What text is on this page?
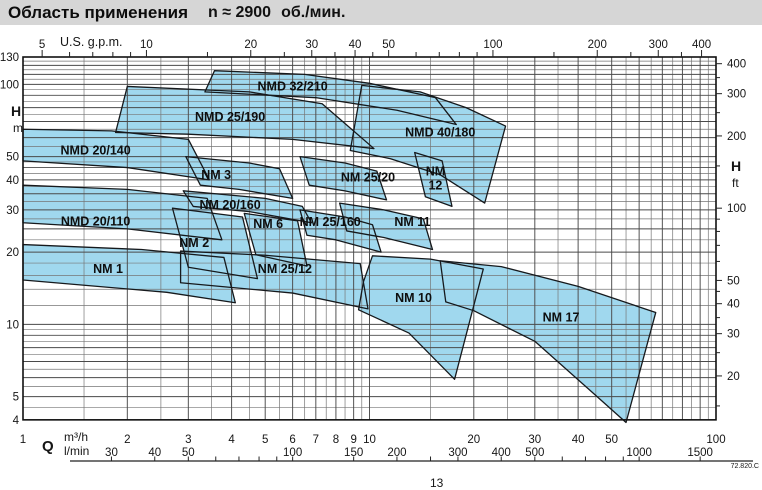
Область применения n ≈ 2900 об./мин.
5	10	20	30	40 50	100	200	300 400
130
100
50
40
30
20
10
5
4
400
300
200
100
50
40
30
20
1	2	3	4 5 6 7 8 9 10	20	30	40 50	100
30	40 50	100	150 200	300 400 500	1000	1500
NMD 20/140
NMD 20/110
NM 1
NMD 25/190
NMD 32/210
NMD 40/180
NM 2
NM 3
NM 20/160
NM 6 NM 25/160
NM 25/20 NM
12
NM 11
NM 25/12
NM 10
NM 17
U.S. g.p.m.
H
m
H
ft
Q
m³/h
l/min
72.820.C
13
